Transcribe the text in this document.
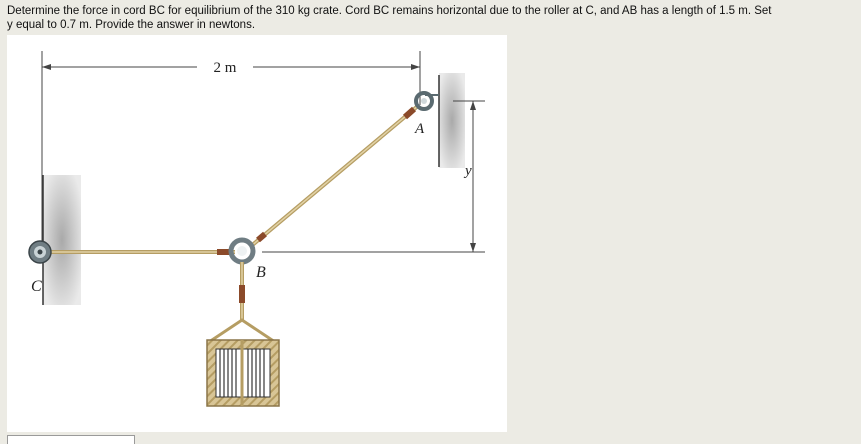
Determine the force in cord BC for equilibrium of the 310 kg crate. Cord BC remains horizontal due to the roller at C, and AB has a length of 1.5 m. Set
y equal to 0.7 m. Provide the answer in newtons.
2 m
y
C
A
B
